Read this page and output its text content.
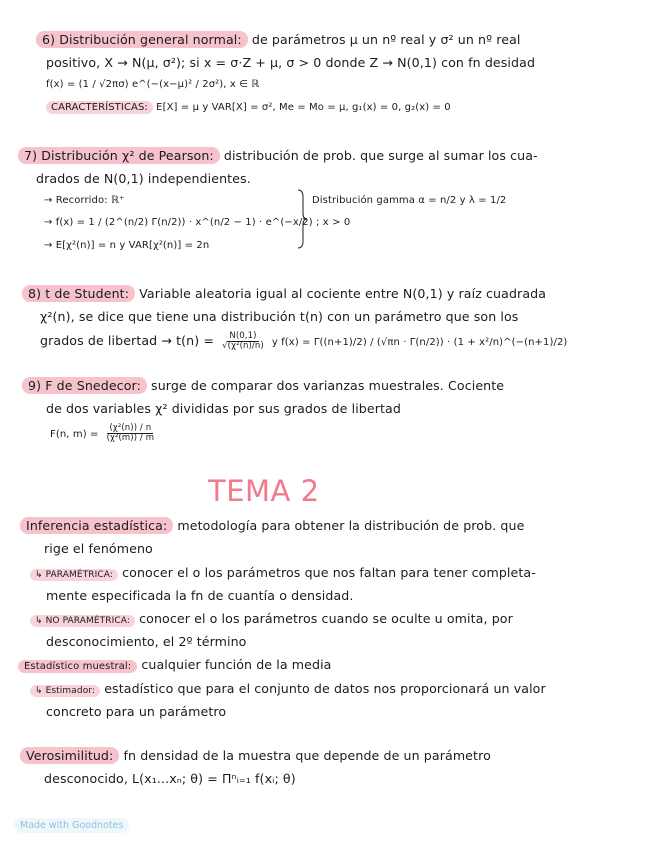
6) Distribución general normal: de parámetros μ un nº real y σ² un nº real
positivo, X → N(μ, σ²); si x = σ·Z + μ, σ > 0 donde Z → N(0,1) con fn desidad
f(x) = (1 / √2πσ) e^(−(x−μ)² / 2σ²), x ∈ ℝ
CARACTERÍSTICAS: E[X] = μ y VAR[X] = σ², Me = Mo = μ, g₁(x) = 0, g₂(x) = 0
7) Distribución χ² de Pearson: distribución de prob. que surge al sumar los cua-
drados de N(0,1) independientes.
→ Recorrido: ℝ⁺
→ f(x) = 1 / (2^(n/2) Γ(n/2)) · x^(n/2 − 1) · e^(−x/2) ; x > 0
→ E[χ²(n)] = n y VAR[χ²(n)] = 2n
Distribución gamma α = n/2 y λ = 1/2
8) t de Student: Variable aleatoria igual al cociente entre N(0,1) y raíz cuadrada
χ²(n), se dice que tiene una distribución t(n) con un parámetro que son los
grados de libertad → $t(n) = \frac{N(0,1)}{\text{√(χ²(n)/n)}}$ y f(x) = Γ((n+1)/2) / (√πn · Γ(n/2)) · (1 + x²/n)^(−(n+1)/2)
9) F de Snedecor: surge de comparar dos varianzas muestrales. Cociente
de dos variables χ² divididas por sus grados de libertad
F(n, $m) = \frac{\text{(χ²(n)) / n}}{\text{(χ²(m)) / m}}$
TEMA 2
Inferencia estadística: metodología para obtener la distribución de prob. que
rige el fenómeno
↳ PARAMÉTRICA: conocer el o los parámetros que nos faltan para tener completa-
mente especificada la fn de cuantía o densidad.
↳ NO PARAMÉTRICA: conocer el o los parámetros cuando se oculte u omita, por
desconocimiento, el 2º término
Estadístico muestral: cualquier función de la media
↳ Estimador: estadístico que para el conjunto de datos nos proporcionará un valor
concreto para un parámetro
Verosimilitud: fn densidad de la muestra que depende de un parámetro
desconocido, L(x₁...xₙ; θ) = Πⁿᵢ₌₁ f(xᵢ; θ)
Made with Goodnotes
